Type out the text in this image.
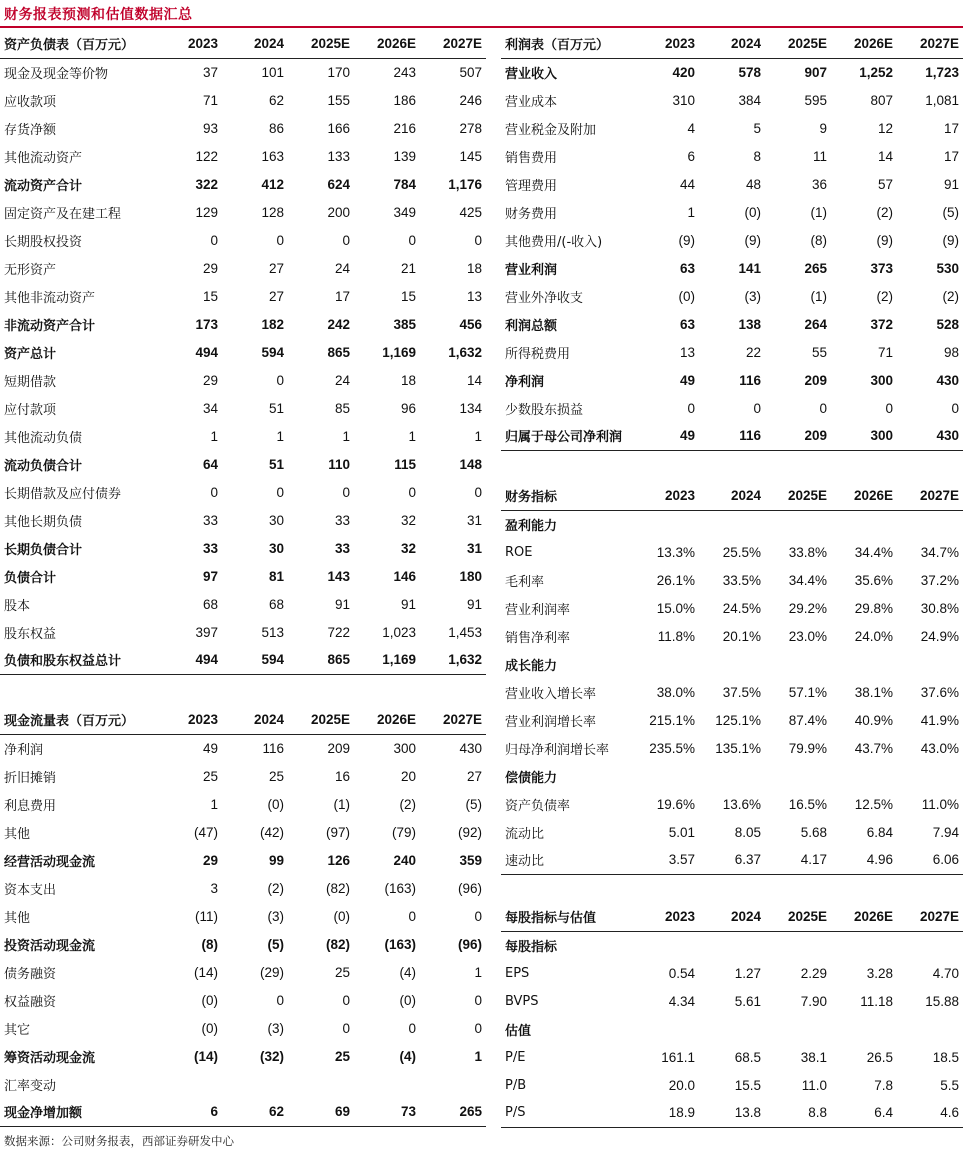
财务报表预测和估值数据汇总
资产负债表（百万元）	2023	2024	2025E	2026E	2027E
现金及现金等价物	37	101	170	243	507
应收款项	71	62	155	186	246
存货净额	93	86	166	216	278
其他流动资产	122	163	133	139	145
流动资产合计	322	412	624	784	1,176
固定资产及在建工程	129	128	200	349	425
长期股权投资	0	0	0	0	0
无形资产	29	27	24	21	18
其他非流动资产	15	27	17	15	13
非流动资产合计	173	182	242	385	456
资产总计	494	594	865	1,169	1,632
短期借款	29	0	24	18	14
应付款项	34	51	85	96	134
其他流动负债	1	1	1	1	1
流动负债合计	64	51	110	115	148
长期借款及应付债券	0	0	0	0	0
其他长期负债	33	30	33	32	31
长期负债合计	33	30	33	32	31
负债合计	97	81	143	146	180
股本	68	68	91	91	91
股东权益	397	513	722	1,023	1,453
负债和股东权益总计	494	594	865	1,169	1,632
现金流量表（百万元）	2023	2024	2025E	2026E	2027E
净利润	49	116	209	300	430
折旧摊销	25	25	16	20	27
利息费用	1	(0)	(1)	(2)	(5)
其他	(47)	(42)	(97)	(79)	(92)
经营活动现金流	29	99	126	240	359
资本支出	3	(2)	(82)	(163)	(96)
其他	(11)	(3)	(0)	0	0
投资活动现金流	(8)	(5)	(82)	(163)	(96)
债务融资	(14)	(29)	25	(4)	1
权益融资	(0)	0	0	(0)	0
其它	(0)	(3)	0	0	0
筹资活动现金流	(14)	(32)	25	(4)	1
汇率变动					
现金净增加额	6	62	69	73	265
利润表（百万元）	2023	2024	2025E	2026E	2027E
营业收入	420	578	907	1,252	1,723
营业成本	310	384	595	807	1,081
营业税金及附加	4	5	9	12	17
销售费用	6	8	11	14	17
管理费用	44	48	36	57	91
财务费用	1	(0)	(1)	(2)	(5)
其他费用/(-收入)	(9)	(9)	(8)	(9)	(9)
营业利润	63	141	265	373	530
营业外净收支	(0)	(3)	(1)	(2)	(2)
利润总额	63	138	264	372	528
所得税费用	13	22	55	71	98
净利润	49	116	209	300	430
少数股东损益	0	0	0	0	0
归属于母公司净利润	49	116	209	300	430
财务指标	2023	2024	2025E	2026E	2027E
盈利能力					
ROE	13.3%	25.5%	33.8%	34.4%	34.7%
毛利率	26.1%	33.5%	34.4%	35.6%	37.2%
营业利润率	15.0%	24.5%	29.2%	29.8%	30.8%
销售净利率	11.8%	20.1%	23.0%	24.0%	24.9%
成长能力					
营业收入增长率	38.0%	37.5%	57.1%	38.1%	37.6%
营业利润增长率	215.1%	125.1%	87.4%	40.9%	41.9%
归母净利润增长率	235.5%	135.1%	79.9%	43.7%	43.0%
偿债能力					
资产负债率	19.6%	13.6%	16.5%	12.5%	11.0%
流动比	5.01	8.05	5.68	6.84	7.94
速动比	3.57	6.37	4.17	4.96	6.06
每股指标与估值	2023	2024	2025E	2026E	2027E
每股指标					
EPS	0.54	1.27	2.29	3.28	4.70
BVPS	4.34	5.61	7.90	11.18	15.88
估值					
P/E	161.1	68.5	38.1	26.5	18.5
P/B	20.0	15.5	11.0	7.8	5.5
P/S	18.9	13.8	8.8	6.4	4.6
数据来源：公司财务报表，西部证券研发中心
